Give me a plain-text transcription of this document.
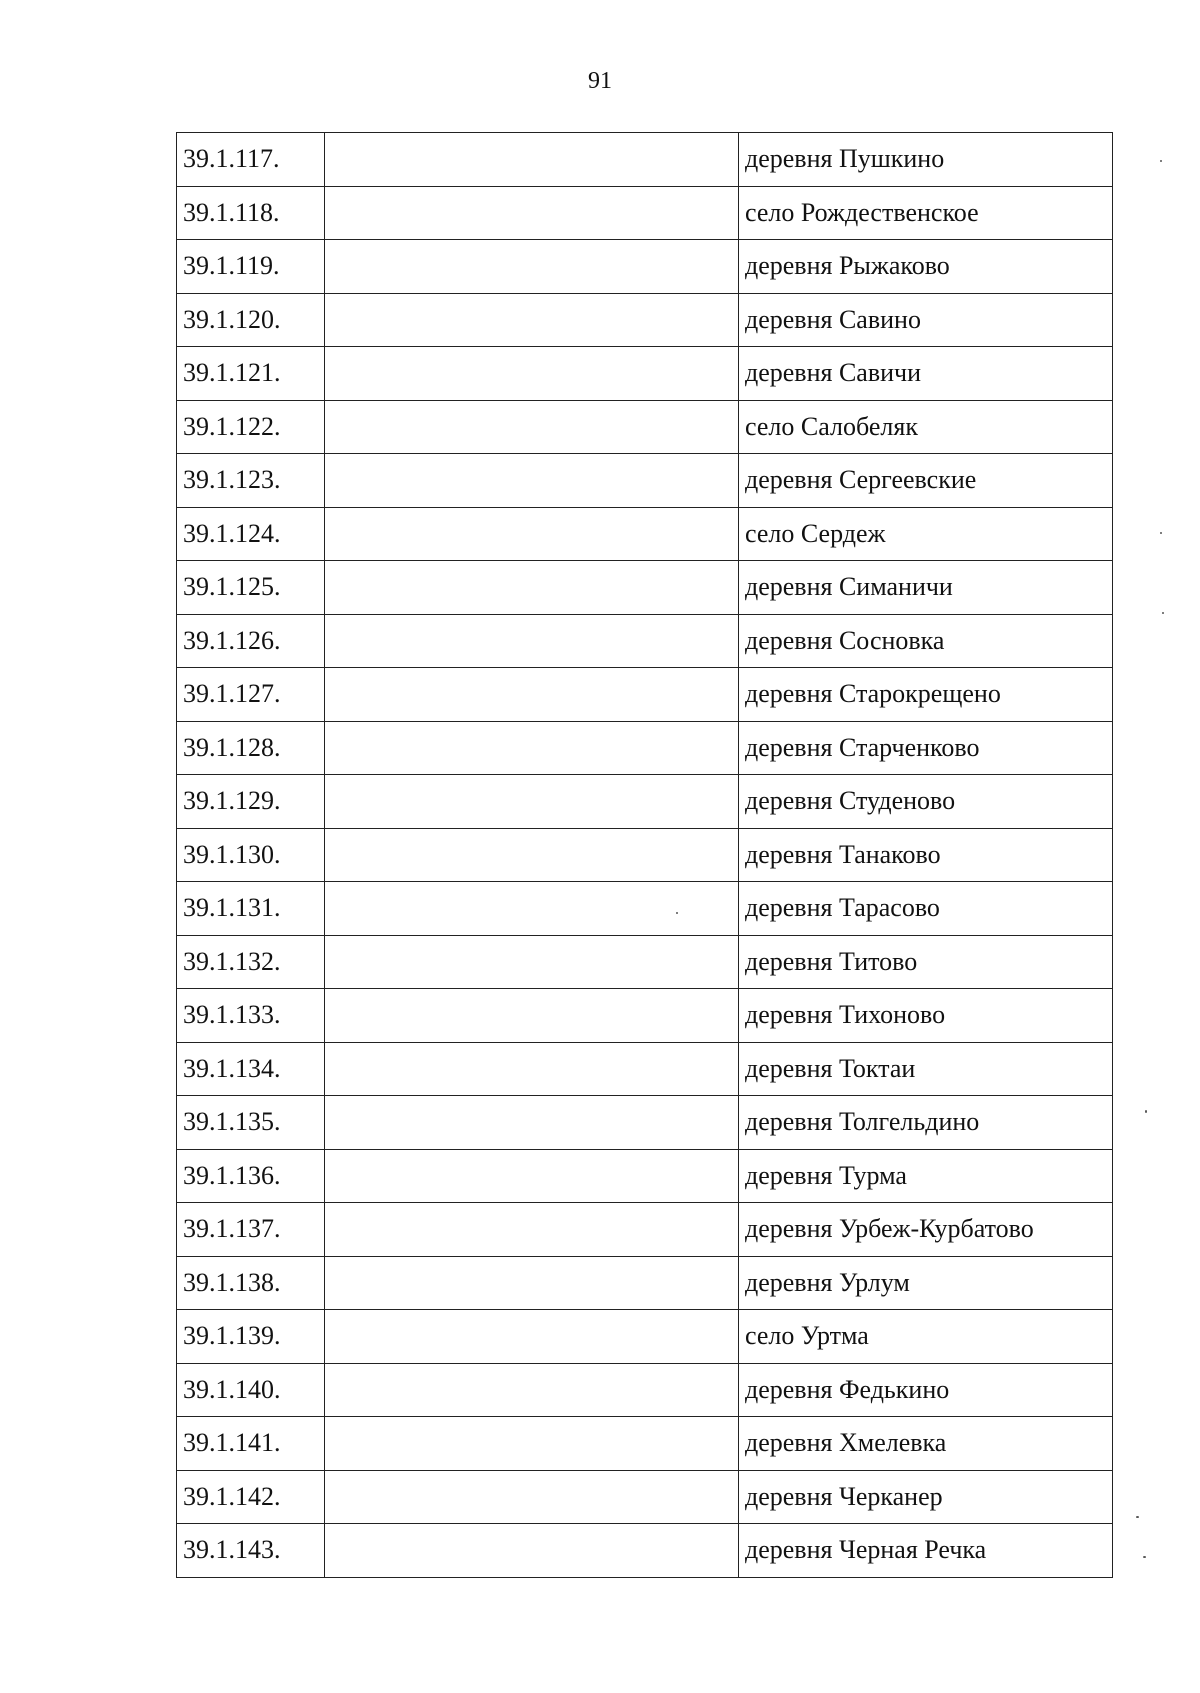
91
39.1.117.		деревня Пушкино
39.1.118.		село Рождественское
39.1.119.		деревня Рыжаково
39.1.120.		деревня Савино
39.1.121.		деревня Савичи
39.1.122.		село Салобеляк
39.1.123.		деревня Сергеевские
39.1.124.		село Сердеж
39.1.125.		деревня Симаничи
39.1.126.		деревня Сосновка
39.1.127.		деревня Старокрещено
39.1.128.		деревня Старченково
39.1.129.		деревня Студеново
39.1.130.		деревня Танаково
39.1.131.		деревня Тарасово
39.1.132.		деревня Титово
39.1.133.		деревня Тихоново
39.1.134.		деревня Токтаи
39.1.135.		деревня Толгельдино
39.1.136.		деревня Турма
39.1.137.		деревня Урбеж-Курбатово
39.1.138.		деревня Урлум
39.1.139.		село Уртма
39.1.140.		деревня Федькино
39.1.141.		деревня Хмелевка
39.1.142.		деревня Черканер
39.1.143.		деревня Черная Речка
